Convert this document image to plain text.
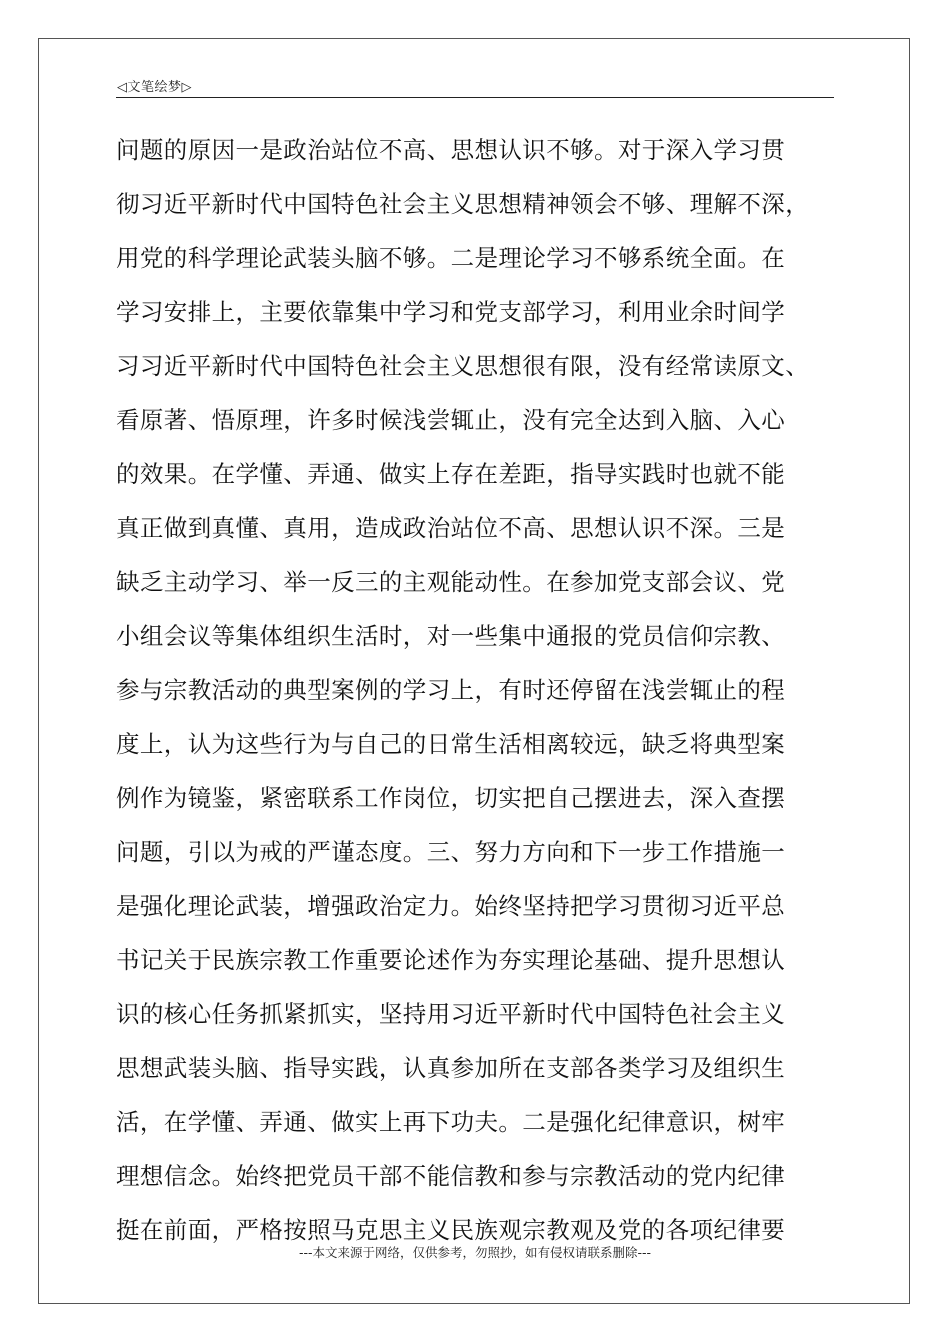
◁文笔绘梦▷
问题的原因一是政治站位不高、思想认识不够。对于深入学习贯
彻习近平新时代中国特色社会主义思想精神领会不够、理解不深，
用党的科学理论武装头脑不够。二是理论学习不够系统全面。在
学习安排上，主要依靠集中学习和党支部学习，利用业余时间学
习习近平新时代中国特色社会主义思想很有限，没有经常读原文、
看原著、悟原理，许多时候浅尝辄止，没有完全达到入脑、入心
的效果。在学懂、弄通、做实上存在差距，指导实践时也就不能
真正做到真懂、真用，造成政治站位不高、思想认识不深。三是
缺乏主动学习、举一反三的主观能动性。在参加党支部会议、党
小组会议等集体组织生活时，对一些集中通报的党员信仰宗教、
参与宗教活动的典型案例的学习上，有时还停留在浅尝辄止的程
度上，认为这些行为与自己的日常生活相离较远，缺乏将典型案
例作为镜鉴，紧密联系工作岗位，切实把自己摆进去，深入查摆
问题，引以为戒的严谨态度。三、努力方向和下一步工作措施一
是强化理论武装，增强政治定力。始终坚持把学习贯彻习近平总
书记关于民族宗教工作重要论述作为夯实理论基础、提升思想认
识的核心任务抓紧抓实，坚持用习近平新时代中国特色社会主义
思想武装头脑、指导实践，认真参加所在支部各类学习及组织生
活，在学懂、弄通、做实上再下功夫。二是强化纪律意识，树牢
理想信念。始终把党员干部不能信教和参与宗教活动的党内纪律
挺在前面，严格按照马克思主义民族观宗教观及党的各项纪律要
---本文来源于网络，仅供参考，勿照抄，如有侵权请联系删除---
